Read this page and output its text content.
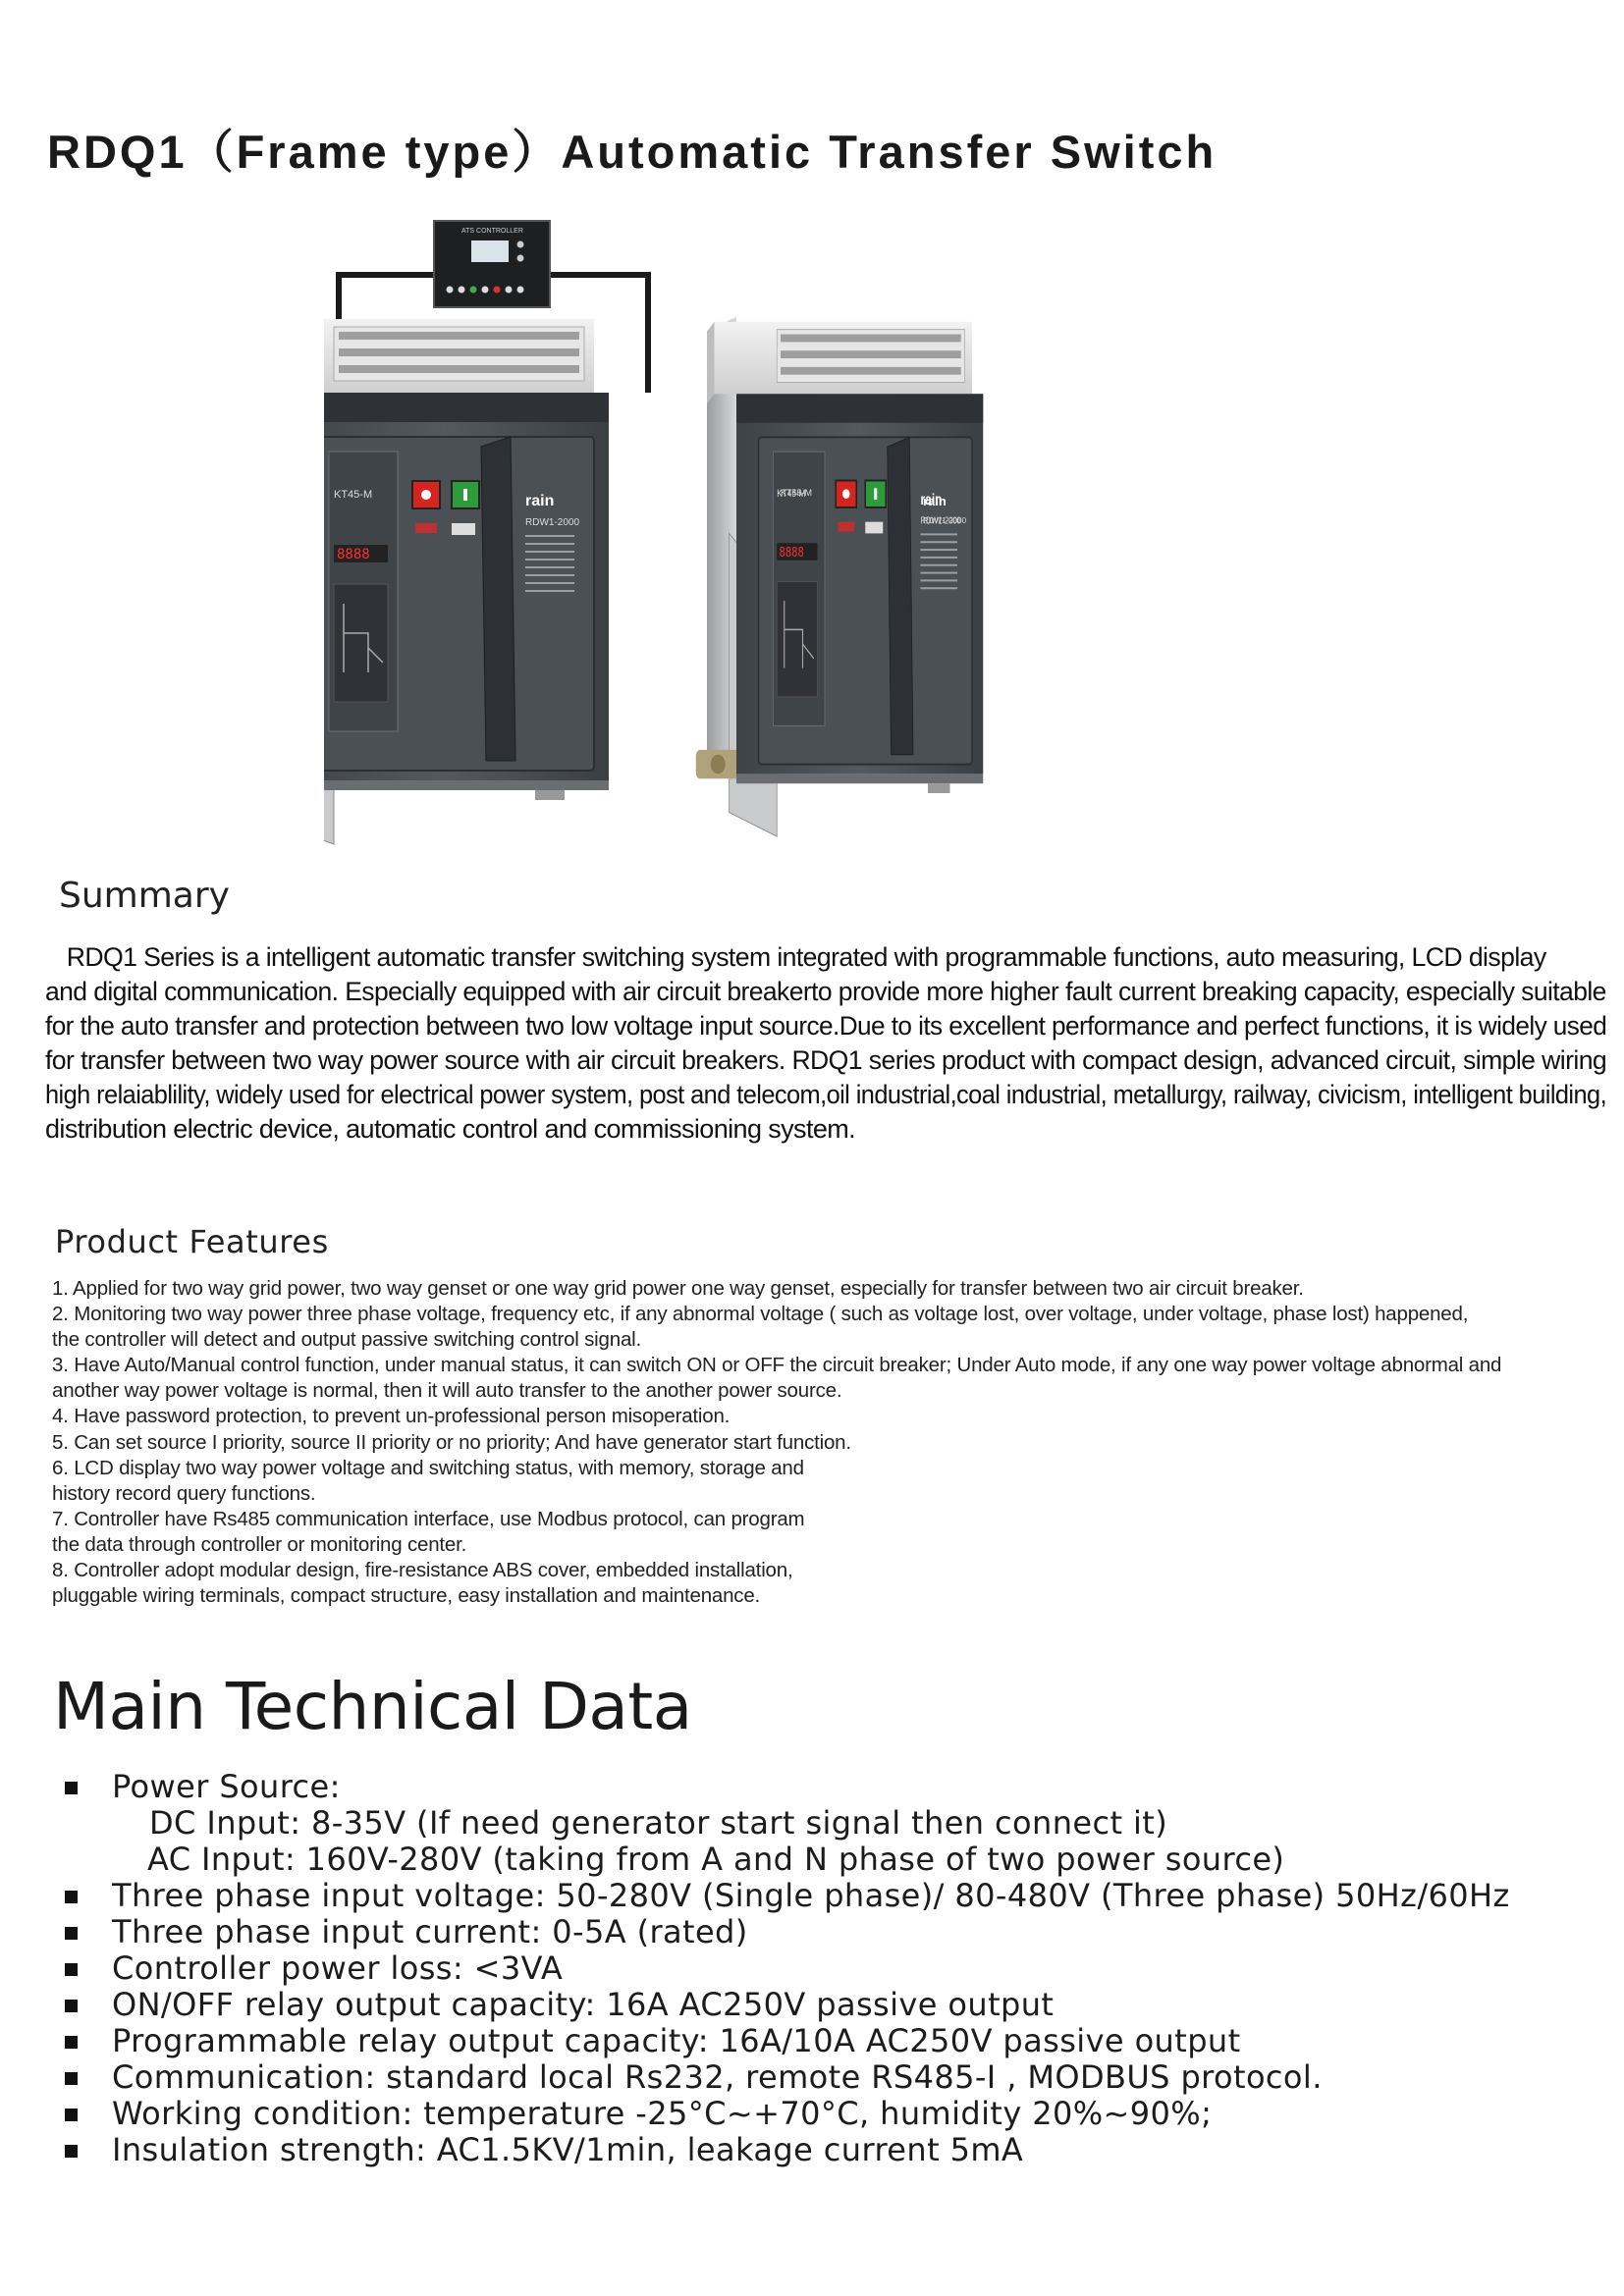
RDQ1（Frame type）Automatic Transfer Switch
rain
RDW1-2000
ATS CONTROLLER
KT45-M
rain
RDW1-2000
Summary
RDQ1 Series is a intelligent automatic transfer switching system integrated with programmable functions, auto measuring, LCD display
and digital communication. Especially equipped with air circuit breakerto provide more higher fault current breaking capacity, especially suitable
for the auto transfer and protection between two low voltage input source.Due to its excellent performance and perfect functions, it is widely used
for transfer between two way power source with air circuit breakers. RDQ1 series product with compact design, advanced circuit, simple wiring
high relaiablility, widely used for electrical power system, post and telecom,oil industrial,coal industrial, metallurgy, railway, civicism, intelligent building,
distribution electric device, automatic control and commissioning system.
Product Features
1. Applied for two way grid power, two way genset or one way grid power one way genset, especially for transfer between two air circuit breaker.
2. Monitoring two way power three phase voltage, frequency etc, if any abnormal voltage ( such as voltage lost, over voltage, under voltage, phase lost) happened,
the controller will detect and output passive switching control signal.
3. Have Auto/Manual control function, under manual status, it can switch ON or OFF the circuit breaker; Under Auto mode, if any one way power voltage abnormal and
another way power voltage is normal, then it will auto transfer to the another power source.
4. Have password protection, to prevent un-professional person misoperation.
5. Can set source I priority, source II priority or no priority; And have generator start function.
6. LCD display two way power voltage and switching status, with memory, storage and
history record query functions.
7. Controller have Rs485 communication interface, use Modbus protocol, can program
the data through controller or monitoring center.
8. Controller adopt modular design, fire-resistance ABS cover, embedded installation,
pluggable wiring terminals, compact structure, easy installation and maintenance.
Main Technical Data
Power Source:
DC Input: 8-35V (If need generator start signal then connect it)
AC Input: 160V-280V (taking from A and N phase of two power source)
Three phase input voltage: 50-280V (Single phase)/ 80-480V (Three phase) 50Hz/60Hz
Three phase input current: 0-5A (rated)
Controller power loss: <3VA
ON/OFF relay output capacity: 16A AC250V passive output
Programmable relay output capacity: 16A/10A AC250V passive output
Communication: standard local Rs232, remote RS485-I , MODBUS protocol.
Working condition: temperature -25°C~+70°C, humidity 20%~90%;
Insulation strength: AC1.5KV/1min, leakage current 5mA
